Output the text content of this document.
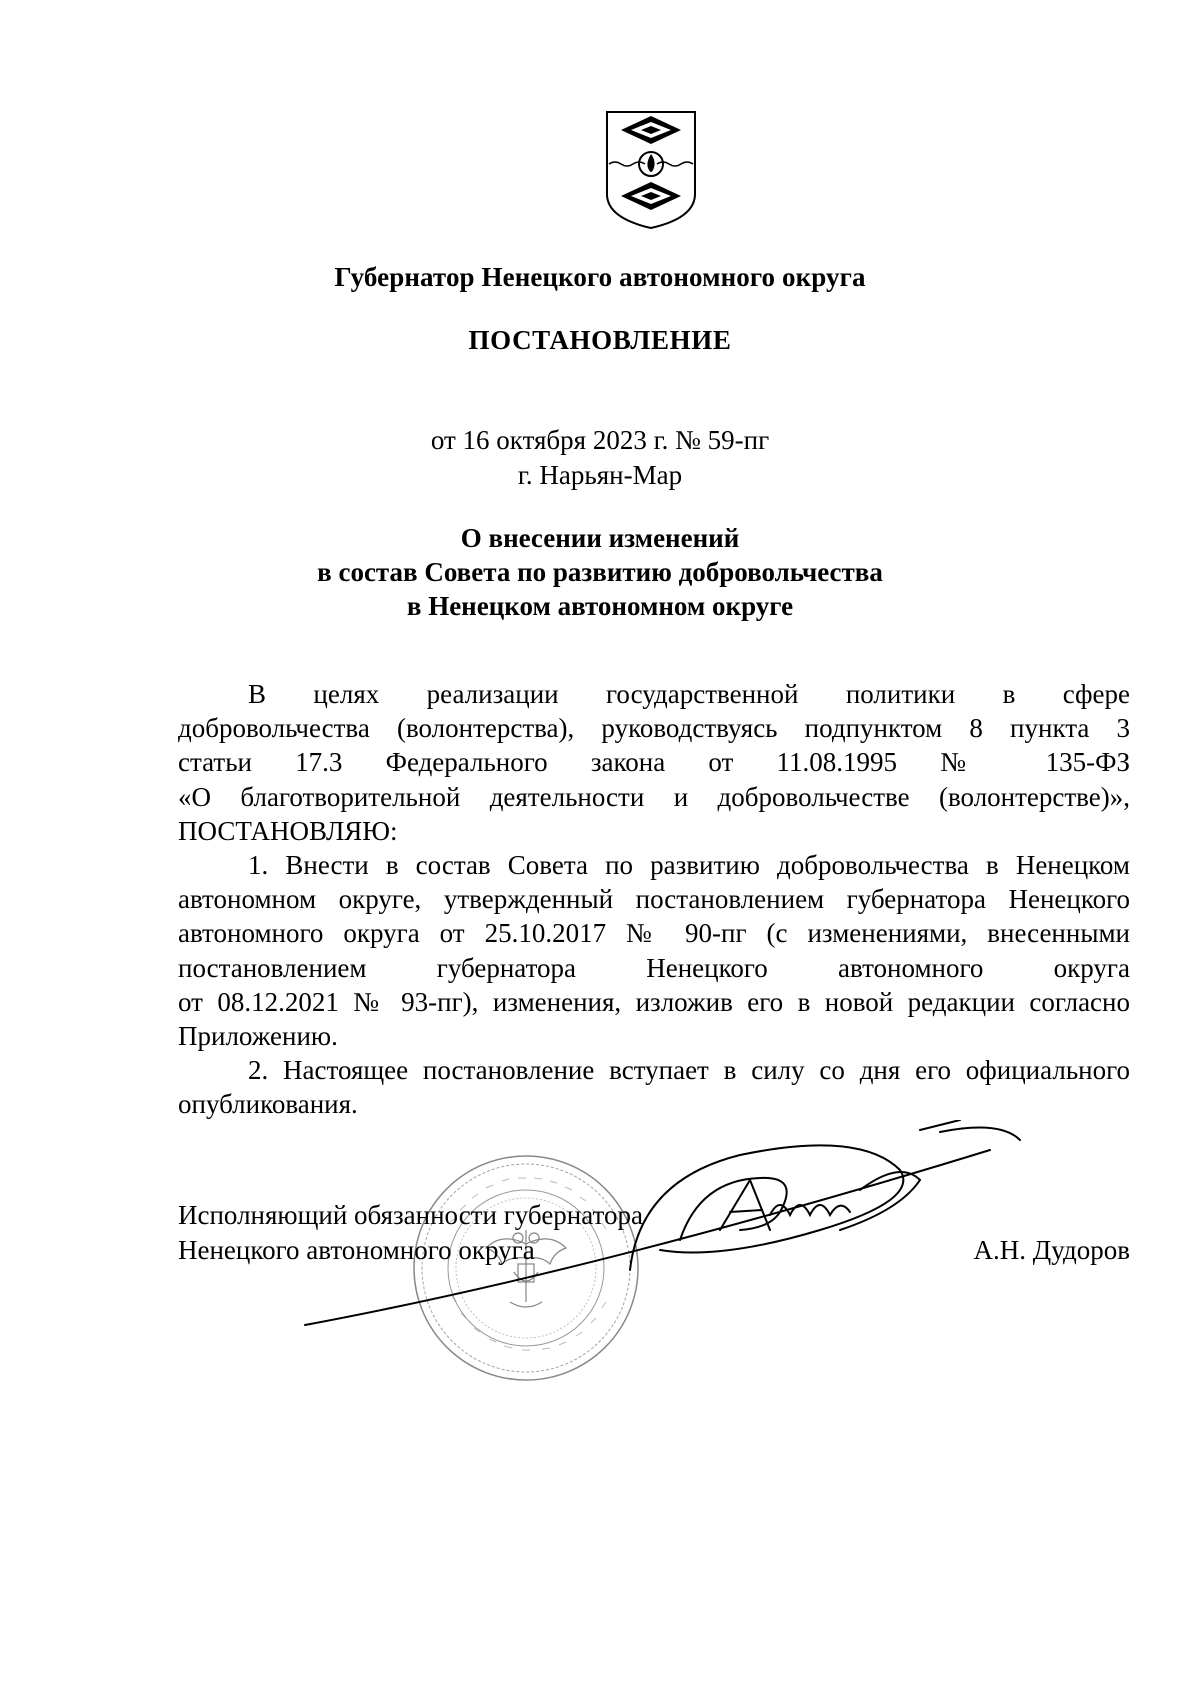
Губернатор Ненецкого автономного округа
ПОСТАНОВЛЕНИЕ
от 16 октября 2023 г. № 59-пг
г. Нарьян-Мар
О внесении изменений
в состав Совета по развитию добровольчества
в Ненецком автономном округе
В целях реализации государственной политики в сфере
добровольчества (волонтерства), руководствуясь подпунктом 8 пункта 3
статьи 17.3 Федерального закона от 11.08.1995 № 135-ФЗ
«О благотворительной деятельности и добровольчестве (волонтерстве)»,
ПОСТАНОВЛЯЮ:
1. Внести в состав Совета по развитию добровольчества в Ненецком
автономном округе, утвержденный постановлением губернатора Ненецкого
автономного округа от 25.10.2017 № 90-пг (с изменениями, внесенными
постановлением губернатора Ненецкого автономного округа
от 08.12.2021 № 93-пг), изменения, изложив его в новой редакции согласно
Приложению.
2. Настоящее постановление вступает в силу со дня его официального
опубликования.
Исполняющий обязанности губернатора
Ненецкого автономного округа	А.Н. Дудоров
